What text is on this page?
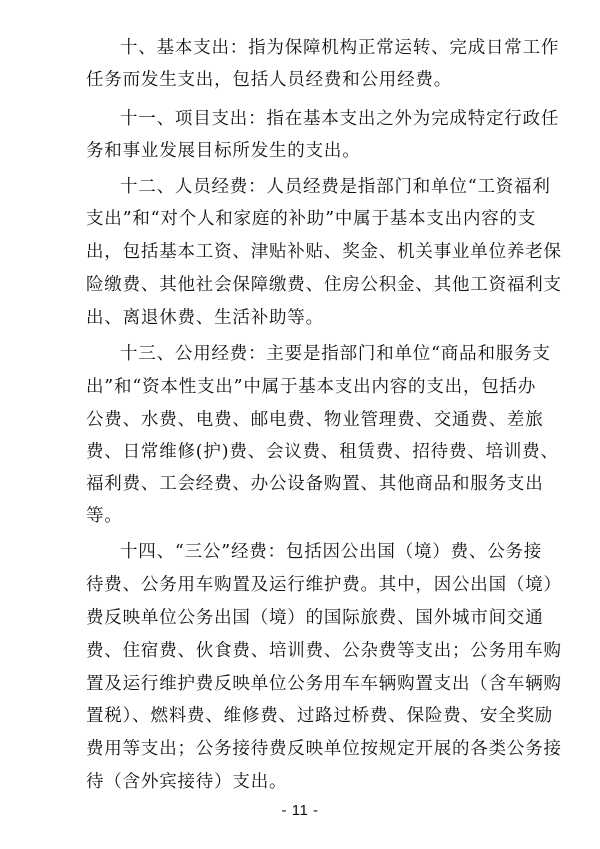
十、基本支出：指为保障机构正常运转、完成日常工作
任务而发生支出，包括人员经费和公用经费。
十一、项目支出：指在基本支出之外为完成特定行政任
务和事业发展目标所发生的支出。
十二、人员经费：人员经费是指部门和单位“工资福利
支出”和“对个人和家庭的补助”中属于基本支出内容的支
出，包括基本工资、津贴补贴、奖金、机关事业单位养老保
险缴费、其他社会保障缴费、住房公积金、其他工资福利支
出、离退休费、生活补助等。
十三、公用经费：主要是指部门和单位“商品和服务支
出”和“资本性支出”中属于基本支出内容的支出，包括办
公费、水费、电费、邮电费、物业管理费、交通费、差旅
费、日常维修(护)费、会议费、租赁费、招待费、培训费、
福利费、工会经费、办公设备购置、其他商品和服务支出
等。
十四、“三公”经费：包括因公出国（境）费、公务接
待费、公务用车购置及运行维护费。其中，因公出国（境）
费反映单位公务出国（境）的国际旅费、国外城市间交通
费、住宿费、伙食费、培训费、公杂费等支出；公务用车购
置及运行维护费反映单位公务用车车辆购置支出（含车辆购
置税）、燃料费、维修费、过路过桥费、保险费、安全奖励
费用等支出；公务接待费反映单位按规定开展的各类公务接
待（含外宾接待）支出。
- 11 -
